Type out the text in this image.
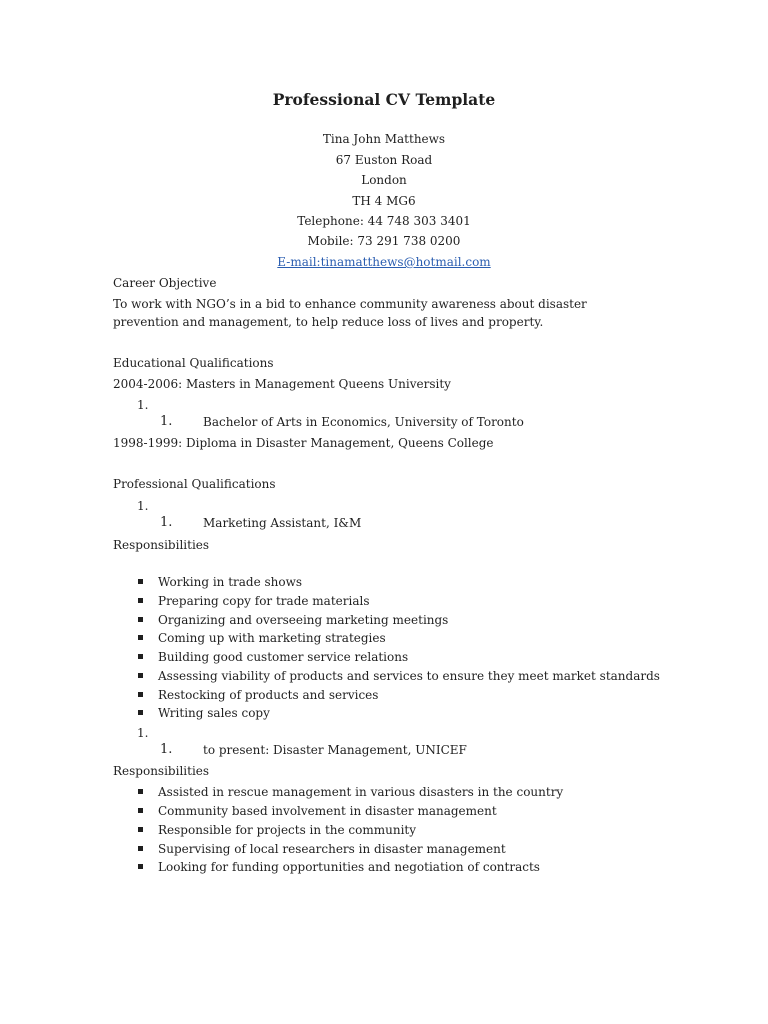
Professional CV Template
Tina John Matthews
67 Euston Road
London
TH 4 MG6
Telephone: 44 748 303 3401
Mobile: 73 291 738 0200
E-mail:tinamatthews@hotmail.com
Career Objective
To work with NGO’s in a bid to enhance community awareness about disaster prevention and management, to help reduce loss of lives and property.
Educational Qualifications
2004-2006: Masters in Management Queens University
1.
1.	Bachelor of Arts in Economics, University of Toronto
1998-1999: Diploma in Disaster Management, Queens College
Professional Qualifications
1.
1.	Marketing Assistant, I&M
Responsibilities
Working in trade shows
Preparing copy for trade materials
Organizing and overseeing marketing meetings
Coming up with marketing strategies
Building good customer service relations
Assessing viability of products and services to ensure they meet market standards
Restocking of products and services
Writing sales copy
1.
1.	to present: Disaster Management, UNICEF
Responsibilities
Assisted in rescue management in various disasters in the country
Community based involvement in disaster management
Responsible for projects in the community
Supervising of local researchers in disaster management
Looking for funding opportunities and negotiation of contracts
